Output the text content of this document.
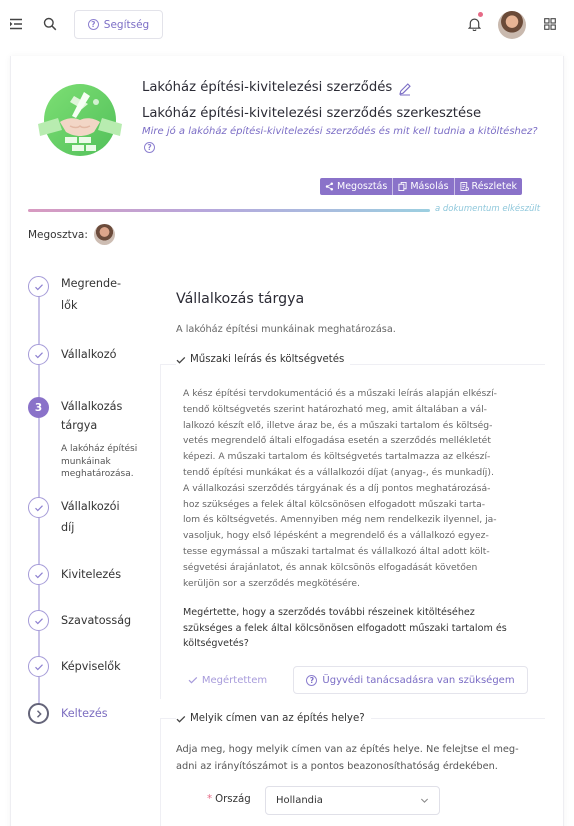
? Segítség
Lakóház építési-kivitelezési szerződés
Lakóház építési-kivitelezési szerződés szerkesztése
Mire jó a lakóház építési-kivitelezési szerződés és mit kell tudnia a kitöltéshez?
?
Megosztás Másolás Részletek
a dokumentum elkészült
Megosztva:
Megrende-
lők
Vállalkozó
3	Vállalkozás
tárgya
A lakóház építési munkáinak meghatározása.
Vállalkozói
díj
Kivitelezés
Szavatosság
Képviselők
Keltezés
Vállalkozás tárgya
A lakóház építési munkáinak meghatározása.
Műszaki leírás és költségvetés
A kész építési tervdokumentáció és a műszaki leírás alapján elkészí-
tendő költségvetés szerint határozható meg, amit általában a vál-
lalkozó készít elő, illetve áraz be, és a műszaki tartalom és költség-
vetés megrendelő általi elfogadása esetén a szerződés mellékletét
képezi. A műszaki tartalom és költségvetés tartalmazza az elkészí-
tendő építési munkákat és a vállalkozói díjat (anyag-, és munkadíj).
A vállalkozási szerződés tárgyának és a díj pontos meghatározásá-
hoz szükséges a felek által kölcsönösen elfogadott műszaki tarta-
lom és költségvetés. Amennyiben még nem rendelkezik ilyennel, ja-
vasoljuk, hogy első lépésként a megrendelő és a vállalkozó egyez-
tesse egymással a műszaki tartalmat és vállalkozó által adott költ-
ségvetési árajánlatot, és annak kölcsönös elfogadását követően
kerüljön sor a szerződés megkötésére.
Megértette, hogy a szerződés további részeinek kitöltéséhez
szükséges a felek által kölcsönösen elfogadott műszaki tartalom és
költségvetés?
Megértettem	? Ügyvédi tanácsadásra van szükségem
Melyik címen van az építés helye?
Adja meg, hogy melyik címen van az építés helye. Ne felejtse el meg-
adni az irányítószámot is a pontos beazonosíthatóság érdekében.
* Ország	Hollandia
